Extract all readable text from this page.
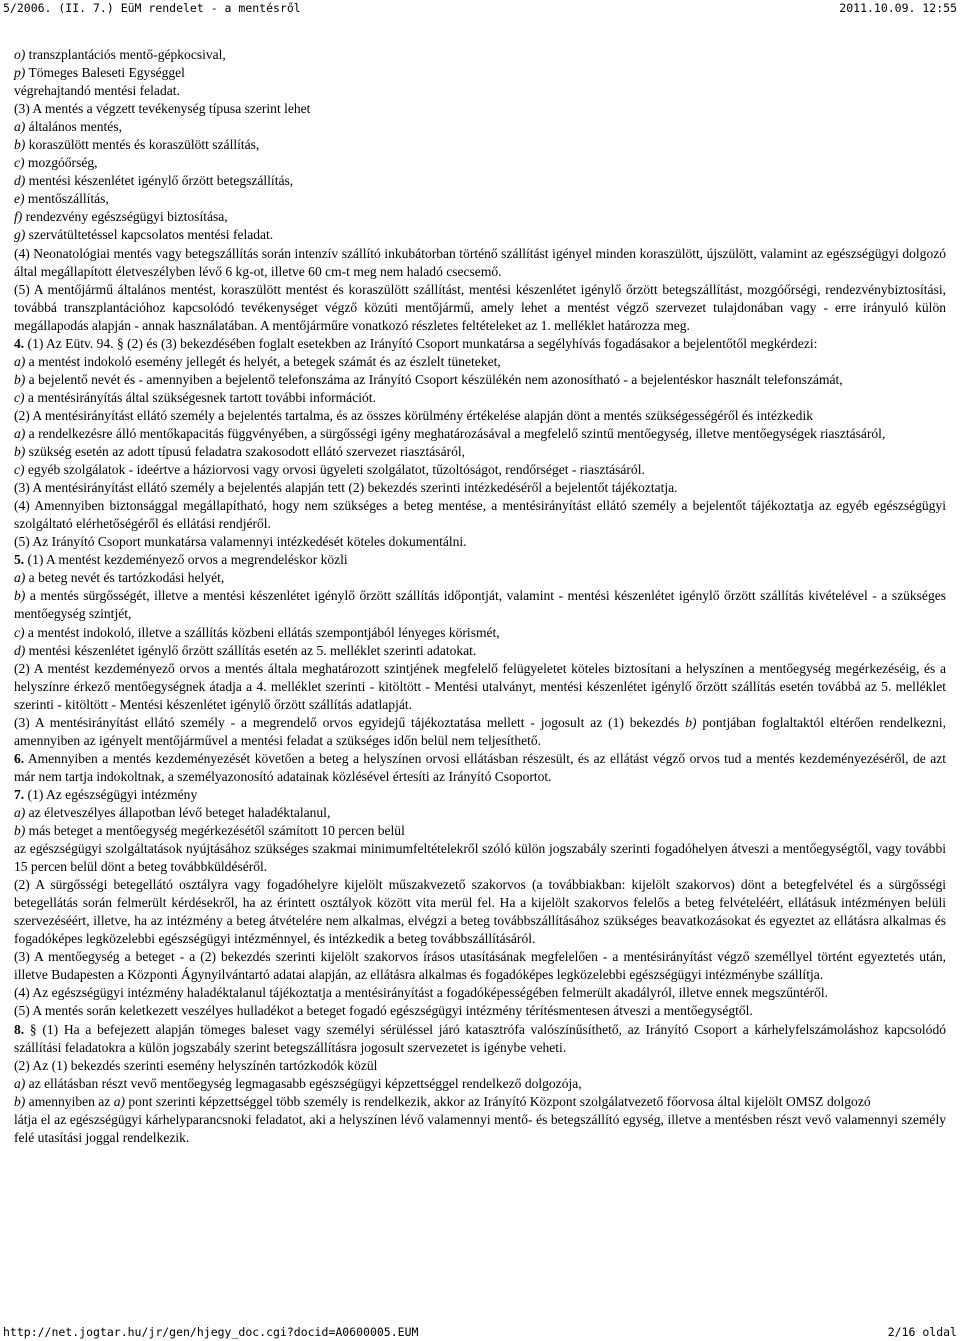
5/2006. (II. 7.) EüM rendelet - a mentésről	2011.10.09. 12:55

o) transzplantációs mentő-gépkocsival,

p) Tömeges Baleseti Egységgel

végrehajtandó mentési feladat.

(3) A mentés a végzett tevékenység típusa szerint lehet

a) általános mentés,

b) koraszülött mentés és koraszülött szállítás,

c) mozgóőrség,

d) mentési készenlétet igénylő őrzött betegszállítás,

e) mentőszállítás,

f) rendezvény egészségügyi biztosítása,

g) szervátültetéssel kapcsolatos mentési feladat.

(4) Neonatológiai mentés vagy betegszállítás során intenzív szállító inkubátorban történő szállítást igényel minden koraszülött, újszülött, valamint az egészségügyi dolgozó által megállapított életveszélyben lévő 6 kg-ot, illetve 60 cm-t meg nem haladó csecsemő.

(5) A mentőjármű általános mentést, koraszülött mentést és koraszülött szállítást, mentési készenlétet igénylő őrzött betegszállítást, mozgóőrségi, rendezvénybiztosítási, továbbá transzplantációhoz kapcsolódó tevékenységet végző közúti mentőjármű, amely lehet a mentést végző szervezet tulajdonában vagy - erre irányuló külön megállapodás alapján - annak használatában. A mentőjárműre vonatkozó részletes feltételeket az 1. melléklet határozza meg.

4. (1) Az Eütv. 94. § (2) és (3) bekezdésében foglalt esetekben az Irányító Csoport munkatársa a segélyhívás fogadásakor a bejelentőtől megkérdezi:

a) a mentést indokoló esemény jellegét és helyét, a betegek számát és az észlelt tüneteket,

b) a bejelentő nevét és - amennyiben a bejelentő telefonszáma az Irányító Csoport készülékén nem azonosítható - a bejelentéskor használt telefonszámát,

c) a mentésirányítás által szükségesnek tartott további információt.

(2) A mentésirányítást ellátó személy a bejelentés tartalma, és az összes körülmény értékelése alapján dönt a mentés szükségességéről és intézkedik

a) a rendelkezésre álló mentőkapacitás függvényében, a sürgősségi igény meghatározásával a megfelelő szintű mentőegység, illetve mentőegységek riasztásáról,

b) szükség esetén az adott típusú feladatra szakosodott ellátó szervezet riasztásáról,

c) egyéb szolgálatok - ideértve a háziorvosi vagy orvosi ügyeleti szolgálatot, tűzoltóságot, rendőrséget - riasztásáról.

(3) A mentésirányítást ellátó személy a bejelentés alapján tett (2) bekezdés szerinti intézkedéséről a bejelentőt tájékoztatja.

(4) Amennyiben biztonsággal megállapítható, hogy nem szükséges a beteg mentése, a mentésirányítást ellátó személy a bejelentőt tájékoztatja az egyéb egészségügyi szolgáltató elérhetőségéről és ellátási rendjéről.

(5) Az Irányító Csoport munkatársa valamennyi intézkedését köteles dokumentálni.

5. (1) A mentést kezdeményező orvos a megrendeléskor közli

a) a beteg nevét és tartózkodási helyét,

b) a mentés sürgősségét, illetve a mentési készenlétet igénylő őrzött szállítás időpontját, valamint - mentési készenlétet igénylő őrzött szállítás kivételével - a szükséges mentőegység szintjét,

c) a mentést indokoló, illetve a szállítás közbeni ellátás szempontjából lényeges körismét,

d) mentési készenlétet igénylő őrzött szállítás esetén az 5. melléklet szerinti adatokat.

(2) A mentést kezdeményező orvos a mentés általa meghatározott szintjének megfelelő felügyeletet köteles biztosítani a helyszínen a mentőegység megérkezéséig, és a helyszínre érkező mentőegységnek átadja a 4. melléklet szerinti - kitöltött - Mentési utalványt, mentési készenlétet igénylő őrzött szállítás esetén továbbá az 5. melléklet szerinti - kitöltött - Mentési készenlétet igénylő őrzött szállítás adatlapját.

(3) A mentésirányítást ellátó személy - a megrendelő orvos egyidejű tájékoztatása mellett - jogosult az (1) bekezdés b) pontjában foglaltaktól eltérően rendelkezni, amennyiben az igényelt mentőjárművel a mentési feladat a szükséges időn belül nem teljesíthető.

6. Amennyiben a mentés kezdeményezését követően a beteg a helyszínen orvosi ellátásban részesült, és az ellátást végző orvos tud a mentés kezdeményezéséről, de azt már nem tartja indokoltnak, a személyazonosító adatainak közlésével értesíti az Irányító Csoportot.

7. (1) Az egészségügyi intézmény

a) az életveszélyes állapotban lévő beteget haladéktalanul,

b) más beteget a mentőegység megérkezésétől számított 10 percen belül

az egészségügyi szolgáltatások nyújtásához szükséges szakmai minimumfeltételekről szóló külön jogszabály szerinti fogadóhelyen átveszi a mentőegységtől, vagy további 15 percen belül dönt a beteg továbbküldéséről.

(2) A sürgősségi betegellátó osztályra vagy fogadóhelyre kijelölt műszakvezető szakorvos (a továbbiakban: kijelölt szakorvos) dönt a betegfelvétel és a sürgősségi betegellátás során felmerült kérdésekről, ha az érintett osztályok között vita merül fel. Ha a kijelölt szakorvos felelős a beteg felvételéért, ellátásuk intézményen belüli szervezéséért, illetve, ha az intézmény a beteg átvételére nem alkalmas, elvégzi a beteg továbbszállításához szükséges beavatkozásokat és egyeztet az ellátásra alkalmas és fogadóképes legközelebbi egészségügyi intézménnyel, és intézkedik a beteg továbbszállításáról.

(3) A mentőegység a beteget - a (2) bekezdés szerinti kijelölt szakorvos írásos utasításának megfelelően - a mentésirányítást végző személlyel történt egyeztetés után, illetve Budapesten a Központi Ágynyilvántartó adatai alapján, az ellátásra alkalmas és fogadóképes legközelebbi egészségügyi intézménybe szállítja.

(4) Az egészségügyi intézmény haladéktalanul tájékoztatja a mentésirányítást a fogadóképességében felmerült akadályról, illetve ennek megszűntéről.

(5) A mentés során keletkezett veszélyes hulladékot a beteget fogadó egészségügyi intézmény térítésmentesen átveszi a mentőegységtől.

8. § (1) Ha a befejezett alapján tömeges baleset vagy személyi sérüléssel járó katasztrófa valószínűsíthető, az Irányító Csoport a kárhelyfelszámoláshoz kapcsolódó szállítási feladatokra a külön jogszabály szerint betegszállításra jogosult szervezetet is igénybe veheti.

(2) Az (1) bekezdés szerinti esemény helyszínén tartózkodók közül

a) az ellátásban részt vevő mentőegység legmagasabb egészségügyi képzettséggel rendelkező dolgozója,

b) amennyiben az a) pont szerinti képzettséggel több személy is rendelkezik, akkor az Irányító Központ szolgálatvezető főorvosa által kijelölt OMSZ dolgozó

látja el az egészségügyi kárhelyparancsnoki feladatot, aki a helyszínen lévő valamennyi mentő- és betegszállító egység, illetve a mentésben részt vevő valamennyi személy felé utasítási joggal rendelkezik.

http://net.jogtar.hu/jr/gen/hjegy_doc.cgi?docid=A0600005.EUM	2/16 oldal
